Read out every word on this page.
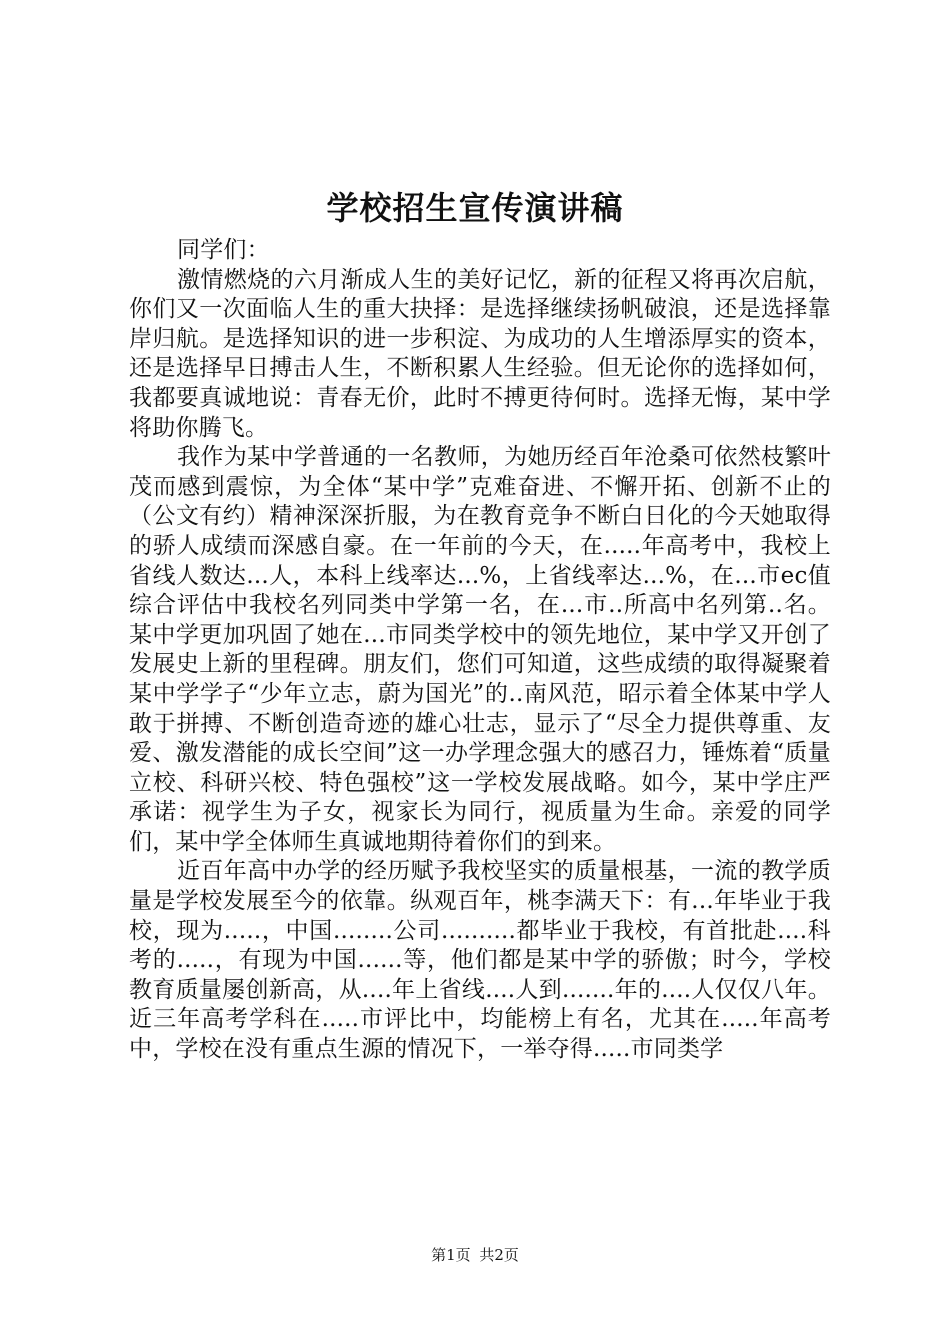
学校招生宣传演讲稿

同学们：

激情燃烧的六月渐成人生的美好记忆，新的征程又将再次启航，你们又一次面临人生的重大抉择：是选择继续扬帆破浪，还是选择靠岸归航。是选择知识的进一步积淀、为成功的人生增添厚实的资本，还是选择早日搏击人生，不断积累人生经验。但无论你的选择如何，我都要真诚地说：青春无价，此时不搏更待何时。选择无悔，某中学将助你腾飞。

我作为某中学普通的一名教师，为她历经百年沧桑可依然枝繁叶茂而感到震惊，为全体“某中学”克难奋进、不懈开拓、创新不止的（公文有约）精神深深折服，为在教育竞争不断白日化的今天她取得的骄人成绩而深感自豪。在一年前的今天，在.....年高考中，我校上省线人数达...人，本科上线率达...%，上省线率达...%，在...市ec值综合评估中我校名列同类中学第一名，在...市..所高中名列第..名。某中学更加巩固了她在...市同类学校中的领先地位，某中学又开创了发展史上新的里程碑。朋友们，您们可知道，这些成绩的取得凝聚着某中学学子“少年立志，蔚为国光”的..南风范，昭示着全体某中学人敢于拼搏、不断创造奇迹的雄心壮志，显示了“尽全力提供尊重、友爱、激发潜能的成长空间”这一办学理念强大的感召力，锤炼着“质量立校、科研兴校、特色强校”这一学校发展战略。如今，某中学庄严承诺：视学生为子女，视家长为同行，视质量为生命。亲爱的同学们，某中学全体师生真诚地期待着你们的到来。

近百年高中办学的经历赋予我校坚实的质量根基，一流的教学质量是学校发展至今的依靠。纵观百年，桃李满天下：有...年毕业于我校，现为.....，中国........公司..........都毕业于我校，有首批赴....科考的.....，有现为中国......等，他们都是某中学的骄傲；时今，学校教育质量屡创新高，从....年上省线....人到.......年的....人仅仅八年。近三年高考学科在.....市评比中，均能榜上有名，尤其在.....年高考中，学校在没有重点生源的情况下，一举夺得.....市同类学

第1页 共2页
